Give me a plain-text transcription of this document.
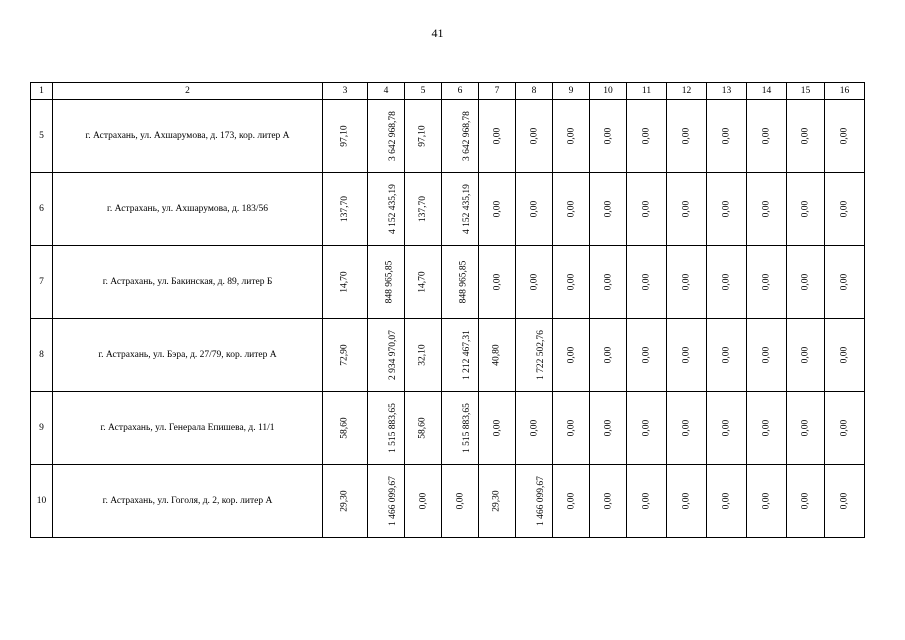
41
1	2	3	4	5	6	7	8	9	10	11	12	13	14	15	16
5	г. Астрахань, ул. Ахшарумова, д. 173, кор. литер А	97,10	3 642 968,78	97,10	3 642 968,78	0,00	0,00	0,00	0,00	0,00	0,00	0,00	0,00	0,00	0,00
6	г. Астрахань, ул. Ахшарумова, д. 183/56	137,70	4 152 435,19	137,70	4 152 435,19	0,00	0,00	0,00	0,00	0,00	0,00	0,00	0,00	0,00	0,00
7	г. Астрахань, ул. Бакинская, д. 89, литер Б	14,70	848 965,85	14,70	848 965,85	0,00	0,00	0,00	0,00	0,00	0,00	0,00	0,00	0,00	0,00
8	г. Астрахань, ул. Бэра, д. 27/79, кор. литер А	72,90	2 934 970,07	32,10	1 212 467,31	40,80	1 722 502,76	0,00	0,00	0,00	0,00	0,00	0,00	0,00	0,00
9	г. Астрахань, ул. Генерала Епишева, д. 11/1	58,60	1 515 883,65	58,60	1 515 883,65	0,00	0,00	0,00	0,00	0,00	0,00	0,00	0,00	0,00	0,00
10	г. Астрахань, ул. Гоголя, д. 2, кор. литер А	29,30	1 466 099,67	0,00	0,00	29,30	1 466 099,67	0,00	0,00	0,00	0,00	0,00	0,00	0,00	0,00
